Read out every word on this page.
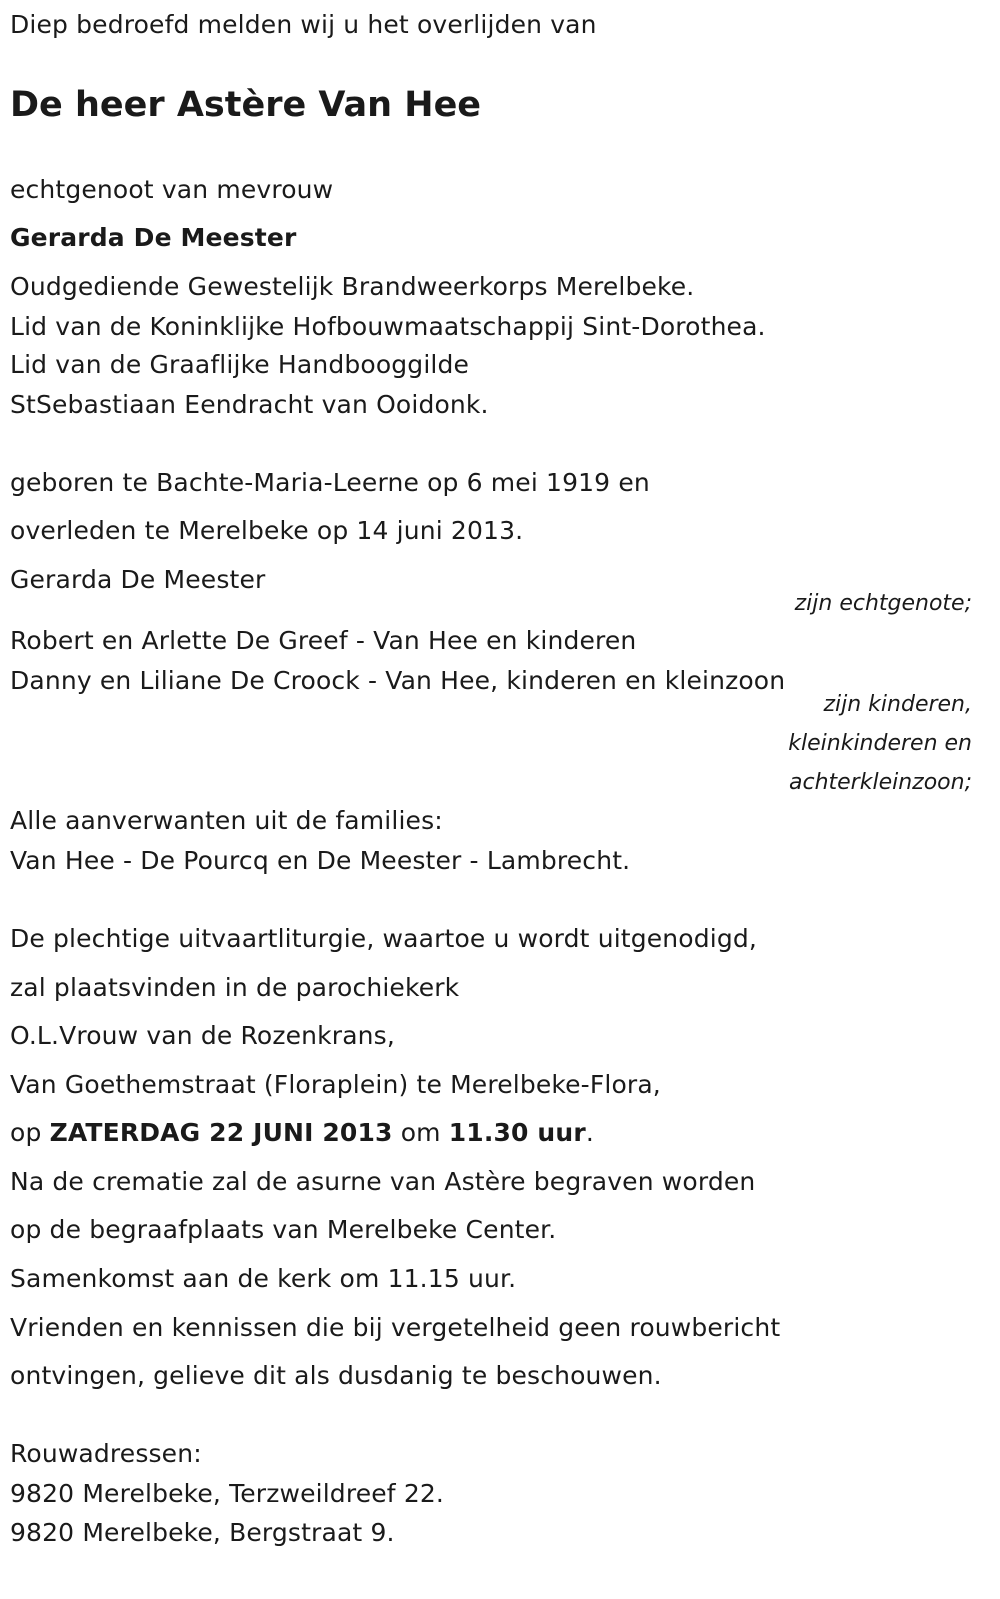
Diep bedroefd melden wij u het overlijden van
De heer Astère Van Hee
echtgenoot van mevrouw
Gerarda De Meester
Oudgediende Gewestelijk Brandweerkorps Merelbeke.
Lid van de Koninklijke Hofbouwmaatschappij Sint-Dorothea.
Lid van de Graaflijke Handbooggilde
StSebastiaan Eendracht van Ooidonk.
geboren te Bachte-Maria-Leerne op 6 mei 1919 en
overleden te Merelbeke op 14 juni 2013.
Gerarda De Meester
zijn echtgenote;
Robert en Arlette De Greef - Van Hee en kinderen
Danny en Liliane De Croock - Van Hee, kinderen en kleinzoon
zijn kinderen,
kleinkinderen en
achterkleinzoon;
Alle aanverwanten uit de families:
Van Hee - De Pourcq en De Meester - Lambrecht.
De plechtige uitvaartliturgie, waartoe u wordt uitgenodigd,
zal plaatsvinden in de parochiekerk
O.L.Vrouw van de Rozenkrans,
Van Goethemstraat (Floraplein) te Merelbeke-Flora,
op ZATERDAG 22 JUNI 2013 om 11.30 uur.
Na de crematie zal de asurne van Astère begraven worden
op de begraafplaats van Merelbeke Center.
Samenkomst aan de kerk om 11.15 uur.
Vrienden en kennissen die bij vergetelheid geen rouwbericht
ontvingen, gelieve dit als dusdanig te beschouwen.
Rouwadressen:
9820 Merelbeke, Terzweildreef 22.
9820 Merelbeke, Bergstraat 9.
